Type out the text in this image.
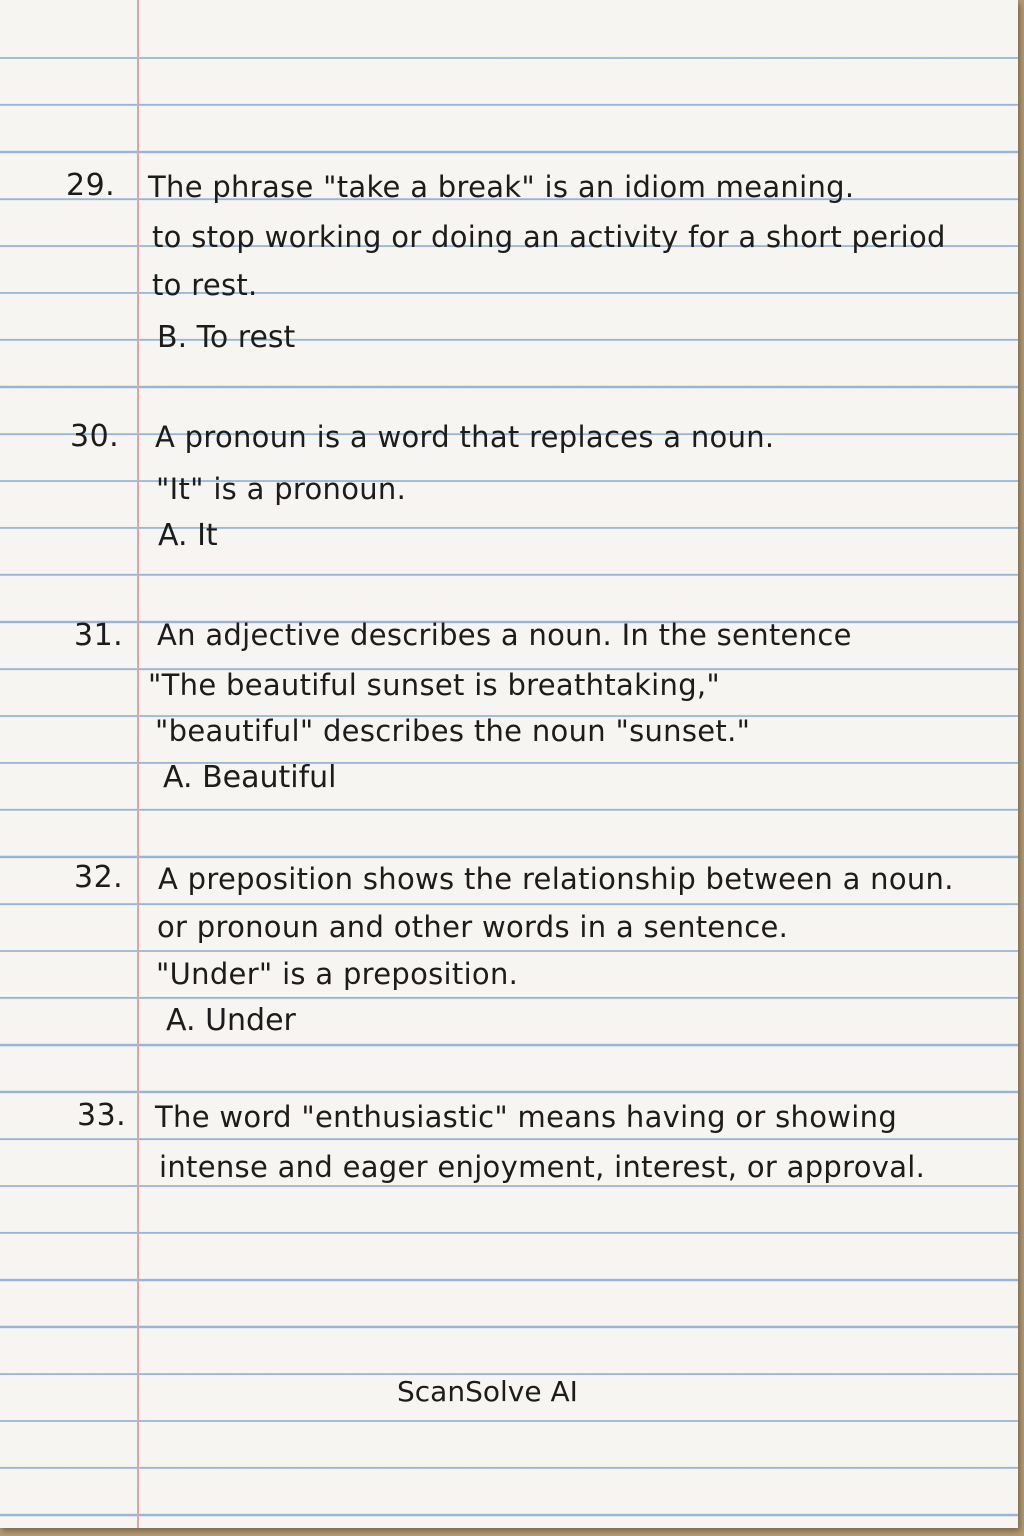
29. The phrase "take a break" is an idiom meaning.
to stop working or doing an activity for a short period
to rest.
B. To rest
30. A pronoun is a word that replaces a noun.
"It" is a pronoun.
A. It
31. An adjective describes a noun. In the sentence
"The beautiful sunset is breathtaking,"
"beautiful" describes the noun "sunset."
A. Beautiful
32. A preposition shows the relationship between a noun.
or pronoun and other words in a sentence.
"Under" is a preposition.
A. Under
33. The word "enthusiastic" means having or showing
intense and eager enjoyment, interest, or approval.
ScanSolve AI
